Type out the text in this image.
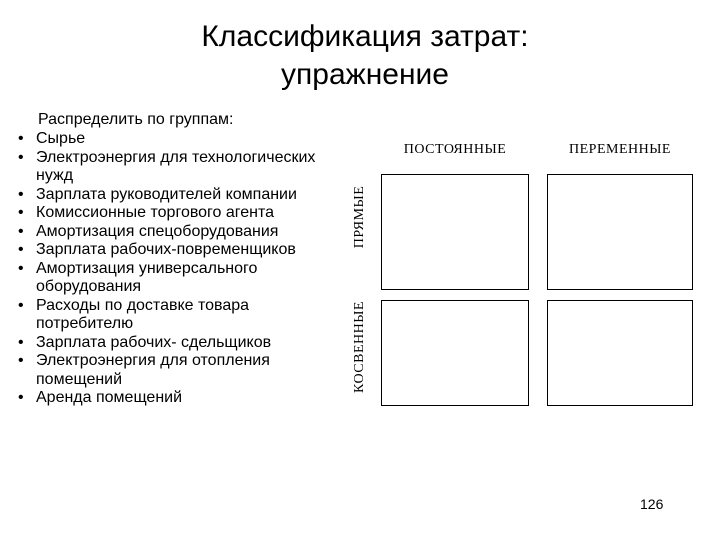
Классификация затрат:
упражнение
Распределить по группам:
• Сырье
• Электроэнергия для технологических нужд
• Зарплата руководителей компании
• Комиссионные торгового агента
• Амортизация спецоборудования
• Зарплата рабочих-повременщиков
• Амортизация универсального оборудования
• Расходы по доставке товара потребителю
• Зарплата рабочих- сдельщиков
• Электроэнергия для отопления помещений
• Аренда помещений
ПОСТОЯННЫЕ	ПЕРЕМЕННЫЕ
ПРЯМЫЕ
КОСВЕННЫЕ
126
